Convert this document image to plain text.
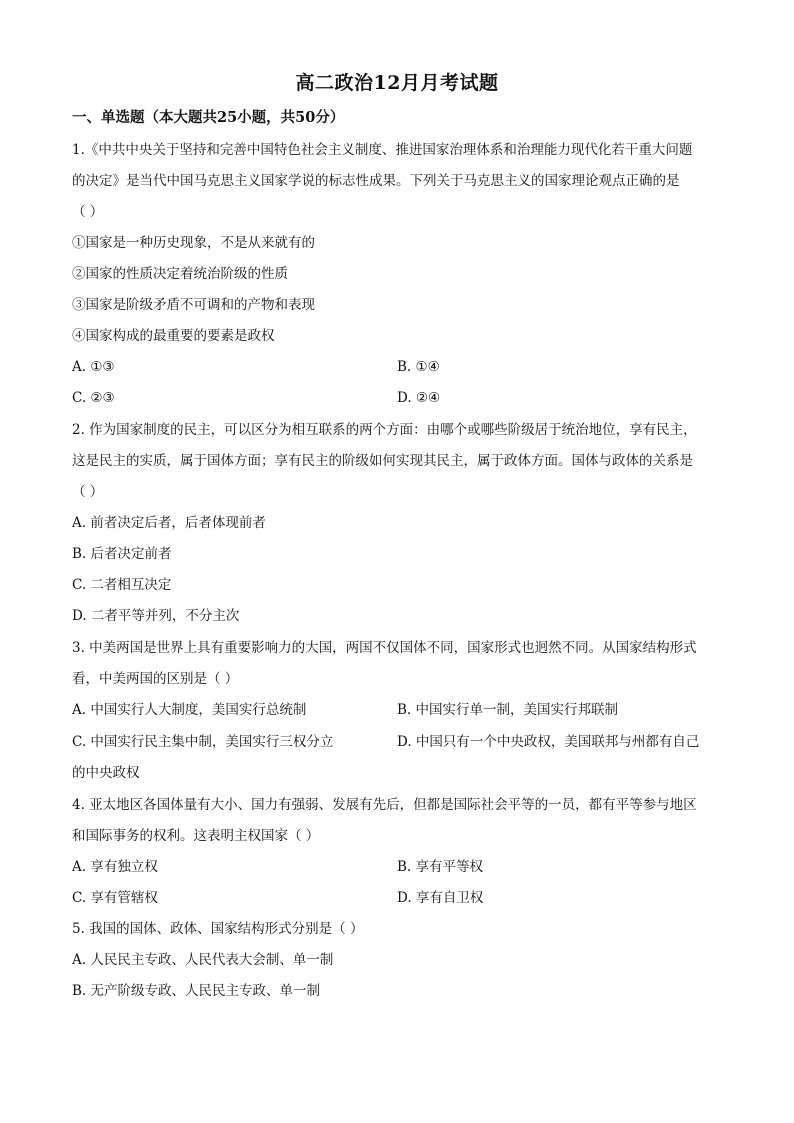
高二政治12月月考试题
一、单选题（本大题共25小题，共50分）
1.《中共中央关于坚持和完善中国特色社会主义制度、推进国家治理体系和治理能力现代化若干重大问题
的决定》是当代中国马克思主义国家学说的标志性成果。下列关于马克思主义的国家理论观点正确的是
（ ）
①国家是一种历史现象，不是从来就有的
②国家的性质决定着统治阶级的性质
③国家是阶级矛盾不可调和的产物和表现
④国家构成的最重要的要素是政权
A. ①③	B. ①④
C. ②③	D. ②④
2. 作为国家制度的民主，可以区分为相互联系的两个方面：由哪个或哪些阶级居于统治地位，享有民主，
这是民主的实质，属于国体方面；享有民主的阶级如何实现其民主，属于政体方面。国体与政体的关系是
（ ）
A. 前者决定后者，后者体现前者
B. 后者决定前者
C. 二者相互决定
D. 二者平等并列，不分主次
3. 中美两国是世界上具有重要影响力的大国，两国不仅国体不同，国家形式也迥然不同。从国家结构形式
看，中美两国的区别是（ ）
A. 中国实行人大制度，美国实行总统制	B. 中国实行单一制，美国实行邦联制
C. 中国实行民主集中制，美国实行三权分立	D. 中国只有一个中央政权，美国联邦与州都有自己
的中央政权
4. 亚太地区各国体量有大小、国力有强弱、发展有先后，但都是国际社会平等的一员，都有平等参与地区
和国际事务的权利。这表明主权国家（ ）
A. 享有独立权	B. 享有平等权
C. 享有管辖权	D. 享有自卫权
5. 我国的国体、政体、国家结构形式分别是（ ）
A. 人民民主专政、人民代表大会制、单一制
B. 无产阶级专政、人民民主专政、单一制
